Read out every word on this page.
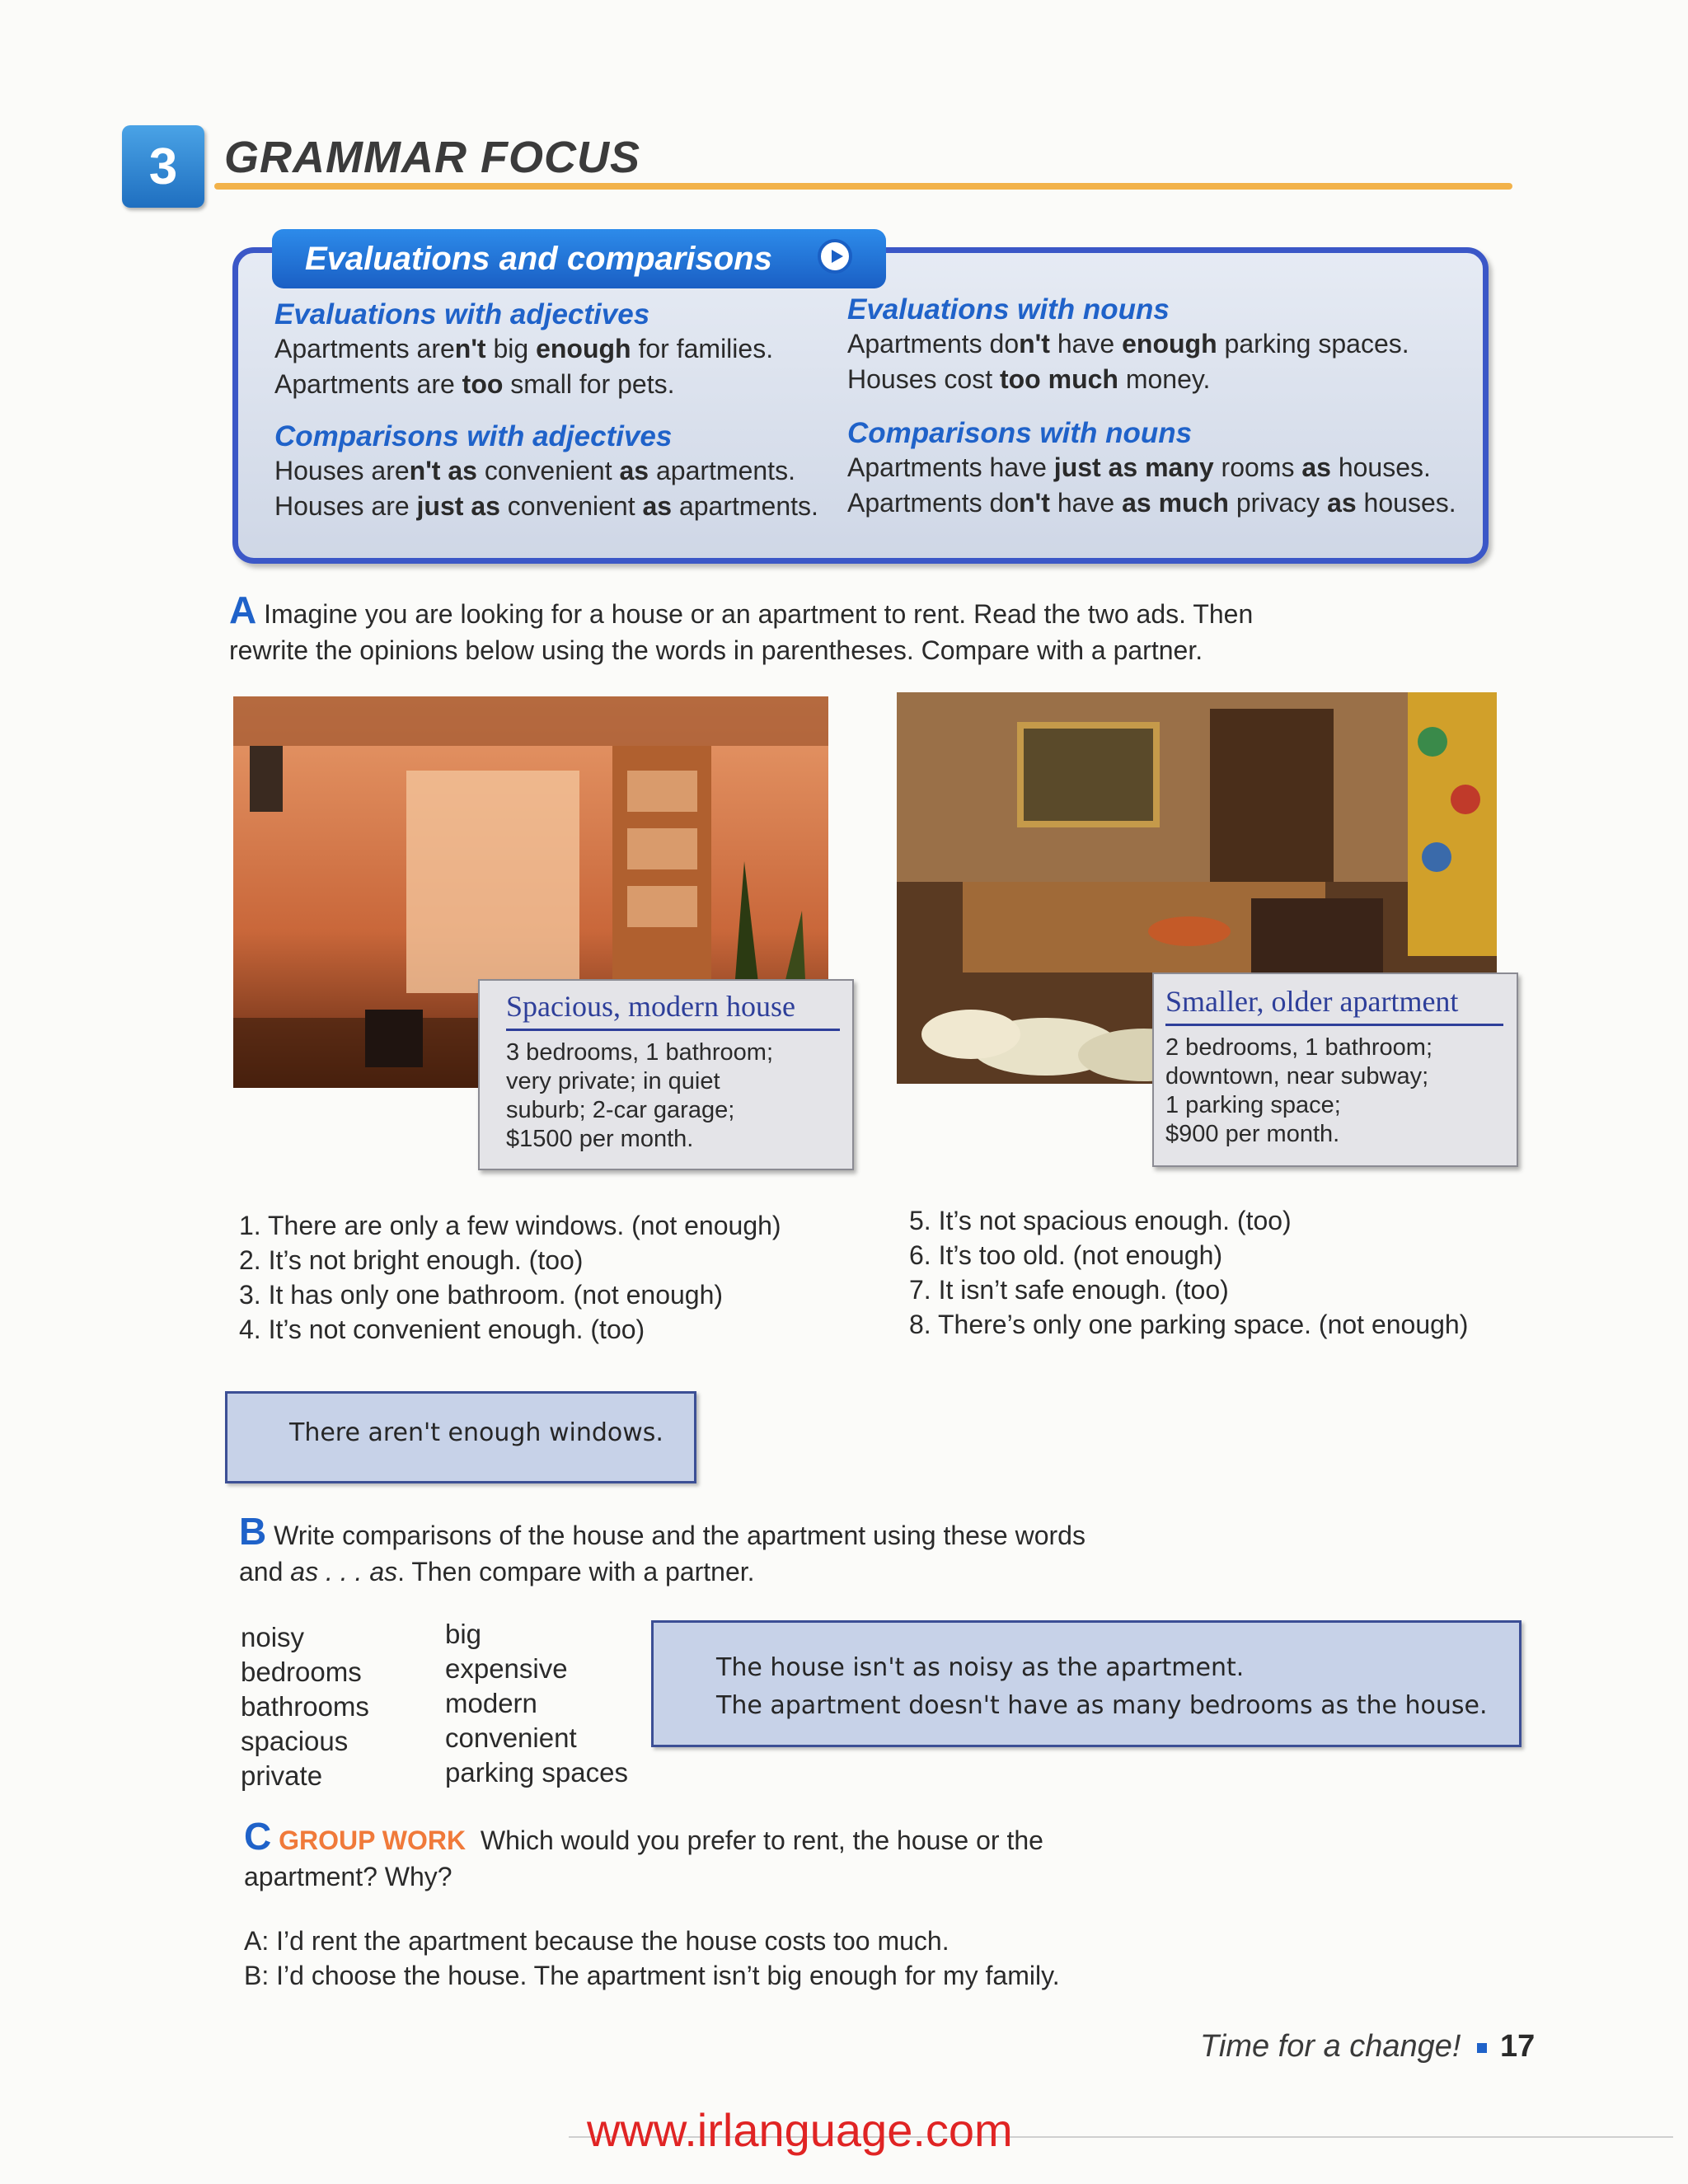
3	GRAMMAR FOCUS
Evaluations and comparisons
Evaluations with adjectives
Apartments aren't big enough for families.
Apartments are too small for pets.
Evaluations with nouns
Apartments don't have enough parking spaces.
Houses cost too much money.
Comparisons with adjectives
Houses aren't as convenient as apartments.
Houses are just as convenient as apartments.
Comparisons with nouns
Apartments have just as many rooms as houses.
Apartments don't have as much privacy as houses.
A Imagine you are looking for a house or an apartment to rent. Read the two ads. Then
rewrite the opinions below using the words in parentheses. Compare with a partner.
Spacious, modern house
3 bedrooms, 1 bathroom;
very private; in quiet
suburb; 2-car garage;
$1500 per month.
Smaller, older apartment
2 bedrooms, 1 bathroom;
downtown, near subway;
1 parking space;
$900 per month.
1. There are only a few windows. (not enough)
2. It’s not bright enough. (too)
3. It has only one bathroom. (not enough)
4. It’s not convenient enough. (too)
5. It’s not spacious enough. (too)
6. It’s too old. (not enough)
7. It isn’t safe enough. (too)
8. There’s only one parking space. (not enough)
There aren't enough windows.
B Write comparisons of the house and the apartment using these words
and as . . . as. Then compare with a partner.
noisy
bedrooms
bathrooms
spacious
private
big
expensive
modern
convenient
parking spaces
The house isn't as noisy as the apartment.
The apartment doesn't have as many bedrooms as the house.
C GROUP WORK Which would you prefer to rent, the house or the
apartment? Why?
A: I’d rent the apartment because the house costs too much.
B: I’d choose the house. The apartment isn’t big enough for my family.
Time for a change! 17
www.irlanguage.com
